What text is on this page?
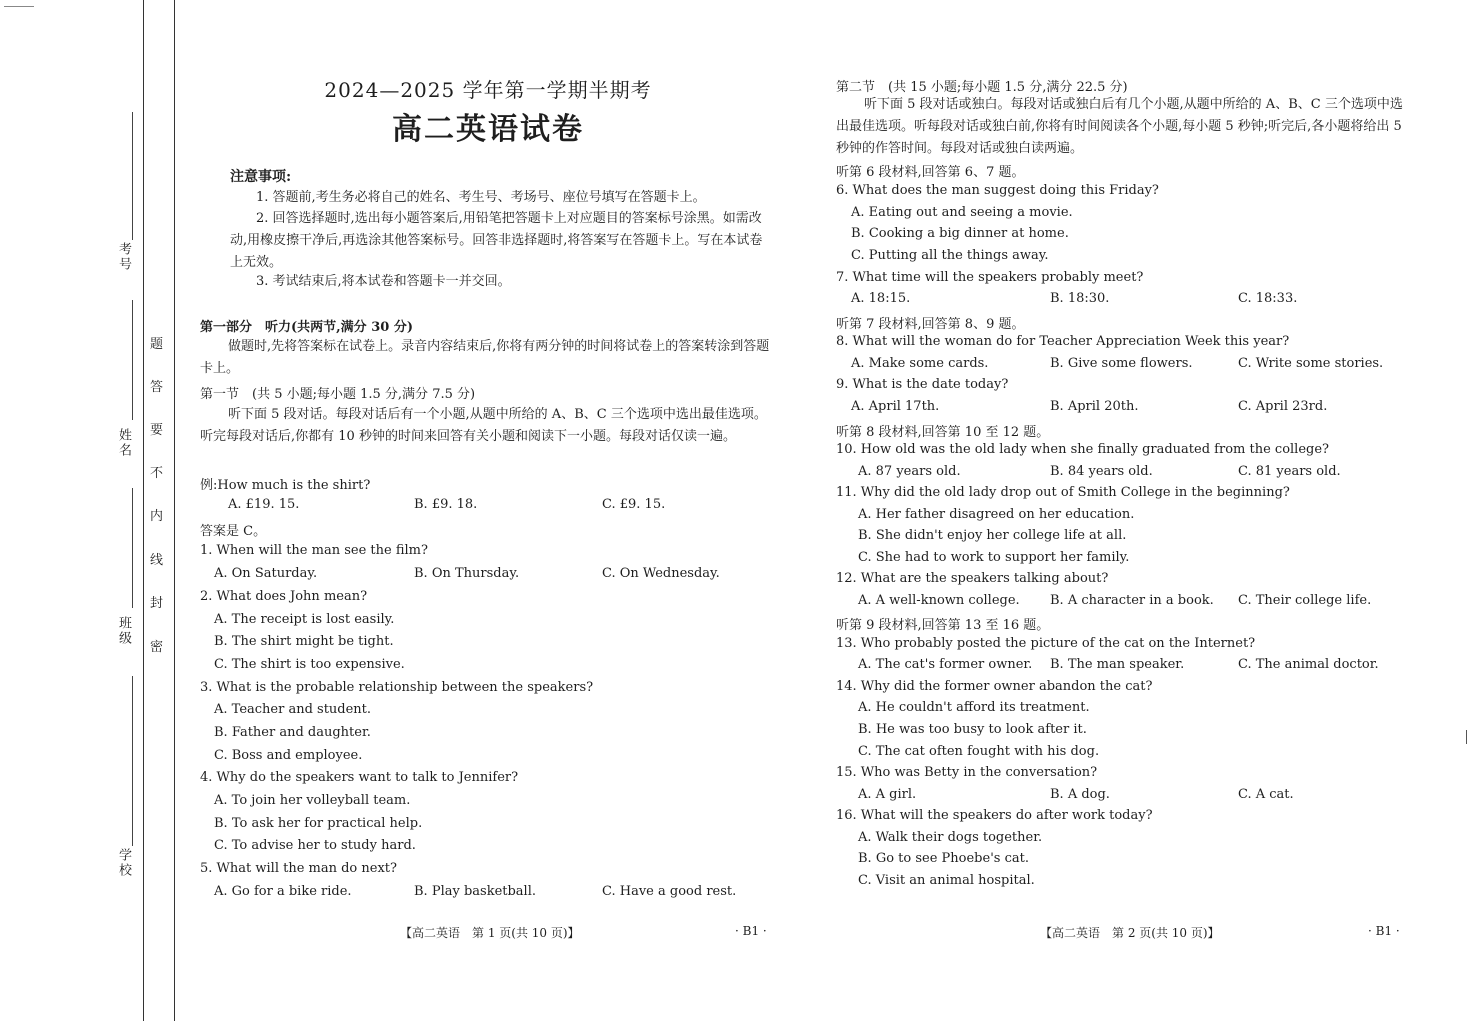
考号
姓名
班级
学校
题
答
要
不
内
线
封
密
2024—2025 学年第一学期半期考
高二英语试卷
注意事项:
1. 答题前,考生务必将自己的姓名、考生号、考场号、座位号填写在答题卡上。
2. 回答选择题时,选出每小题答案后,用铅笔把答题卡上对应题目的答案标号涂黑。如需改动,用橡皮擦干净后,再选涂其他答案标号。回答非选择题时,将答案写在答题卡上。写在本试卷上无效。
3. 考试结束后,将本试卷和答题卡一并交回。
第一部分　听力(共两节,满分 30 分)
做题时,先将答案标在试卷上。录音内容结束后,你将有两分钟的时间将试卷上的答案转涂到答题卡上。
第一节　(共 5 小题;每小题 1.5 分,满分 7.5 分)
听下面 5 段对话。每段对话后有一个小题,从题中所给的 A、B、C 三个选项中选出最佳选项。听完每段对话后,你都有 10 秒钟的时间来回答有关小题和阅读下一小题。每段对话仅读一遍。
例:How much is the shirt?
A. £19. 15.	B. £9. 18.	C. £9. 15.
答案是 C。
1. When will the man see the film?
A. On Saturday.	B. On Thursday.	C. On Wednesday.
2. What does John mean?
A. The receipt is lost easily.
B. The shirt might be tight.
C. The shirt is too expensive.
3. What is the probable relationship between the speakers?
A. Teacher and student.
B. Father and daughter.
C. Boss and employee.
4. Why do the speakers want to talk to Jennifer?
A. To join her volleyball team.
B. To ask her for practical help.
C. To advise her to study hard.
5. What will the man do next?
A. Go for a bike ride.	B. Play basketball.	C. Have a good rest.
【高二英语　第 1 页(共 10 页)】	· B1 ·
第二节　(共 15 小题;每小题 1.5 分,满分 22.5 分)
听下面 5 段对话或独白。每段对话或独白后有几个小题,从题中所给的 A、B、C 三个选项中选出最佳选项。听每段对话或独白前,你将有时间阅读各个小题,每小题 5 秒钟;听完后,各小题将给出 5 秒钟的作答时间。每段对话或独白读两遍。
听第 6 段材料,回答第 6、7 题。
6. What does the man suggest doing this Friday?
A. Eating out and seeing a movie.
B. Cooking a big dinner at home.
C. Putting all the things away.
7. What time will the speakers probably meet?
A. 18:15.	B. 18:30.	C. 18:33.
听第 7 段材料,回答第 8、9 题。
8. What will the woman do for Teacher Appreciation Week this year?
A. Make some cards.	B. Give some flowers.	C. Write some stories.
9. What is the date today?
A. April 17th.	B. April 20th.	C. April 23rd.
听第 8 段材料,回答第 10 至 12 题。
10. How old was the old lady when she finally graduated from the college?
A. 87 years old.	B. 84 years old.	C. 81 years old.
11. Why did the old lady drop out of Smith College in the beginning?
A. Her father disagreed on her education.
B. She didn't enjoy her college life at all.
C. She had to work to support her family.
12. What are the speakers talking about?
A. A well-known college. B. A character in a book. C. Their college life.
听第 9 段材料,回答第 13 至 16 题。
13. Who probably posted the picture of the cat on the Internet?
A. The cat's former owner. B. The man speaker.	C. The animal doctor.
14. Why did the former owner abandon the cat?
A. He couldn't afford its treatment.
B. He was too busy to look after it.
C. The cat often fought with his dog.
15. Who was Betty in the conversation?
A. A girl.	B. A dog.	C. A cat.
16. What will the speakers do after work today?
A. Walk their dogs together.
B. Go to see Phoebe's cat.
C. Visit an animal hospital.
【高二英语　第 2 页(共 10 页)】	· B1 ·
